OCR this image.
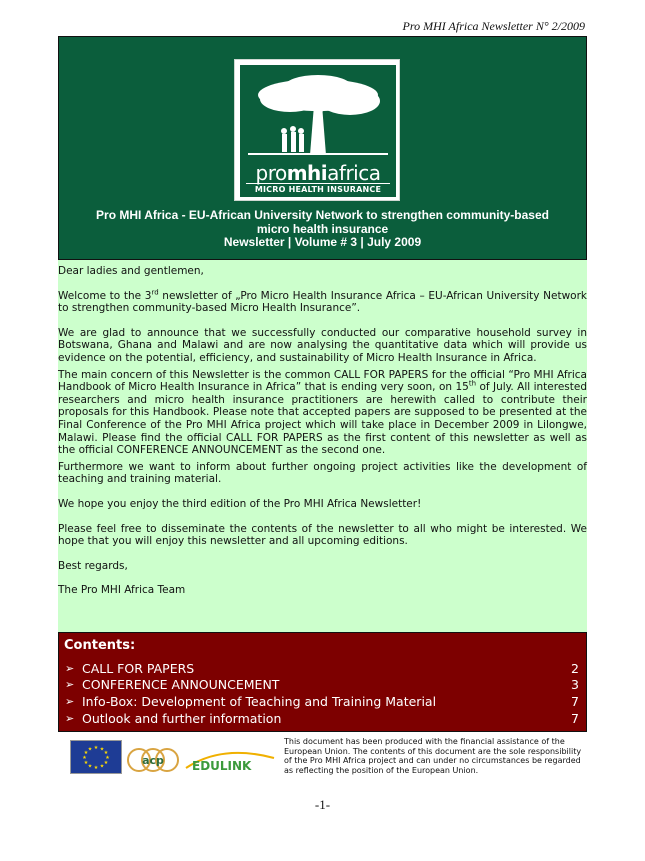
Pro MHI Africa Newsletter N° 2/2009
promhiafrica
MICRO HEALTH INSURANCE
Pro MHI Africa - EU-African University Network to strengthen community-based
micro health insurance
Newsletter | Volume # 3 | July 2009

Dear ladies and gentlemen,

Welcome to the 3rd newsletter of „Pro Micro Health Insurance Africa – EU-African University Network to strengthen community-based Micro Health Insurance”.

We are glad to announce that we successfully conducted our comparative household survey in Botswana, Ghana and Malawi and are now analysing the quantitative data which will provide us evidence on the potential, efficiency, and sustainability of Micro Health Insurance in Africa.

The main concern of this Newsletter is the common CALL FOR PAPERS for the official “Pro MHI Africa Handbook of Micro Health Insurance in Africa” that is ending very soon, on 15th of July. All interested researchers and micro health insurance practitioners are herewith called to contribute their proposals for this Handbook. Please note that accepted papers are supposed to be presented at the Final Conference of the Pro MHI Africa project which will take place in December 2009 in Lilongwe, Malawi. Please find the official CALL FOR PAPERS as the first content of this newsletter as well as the official CONFERENCE ANNOUNCEMENT as the second one.

Furthermore we want to inform about further ongoing project activities like the development of teaching and training material.

We hope you enjoy the third edition of the Pro MHI Africa Newsletter!

Please feel free to disseminate the contents of the newsletter to all who might be interested. We hope that you will enjoy this newsletter and all upcoming editions.

Best regards,

The Pro MHI Africa Team

Contents:
➢ CALL FOR PAPERS	2
➢ CONFERENCE ANNOUNCEMENT	3
➢ Info-Box: Development of Teaching and Training Material	7
➢ Outlook and further information	7
★ ★
★
★
★
★
★
★
★
★
★
★
acp EDULINK
This document has been produced with the financial assistance of the European Union. The contents of this document are the sole responsibility of the Pro MHI Africa project and can under no circumstances be regarded as reflecting the position of the European Union.
-1-
